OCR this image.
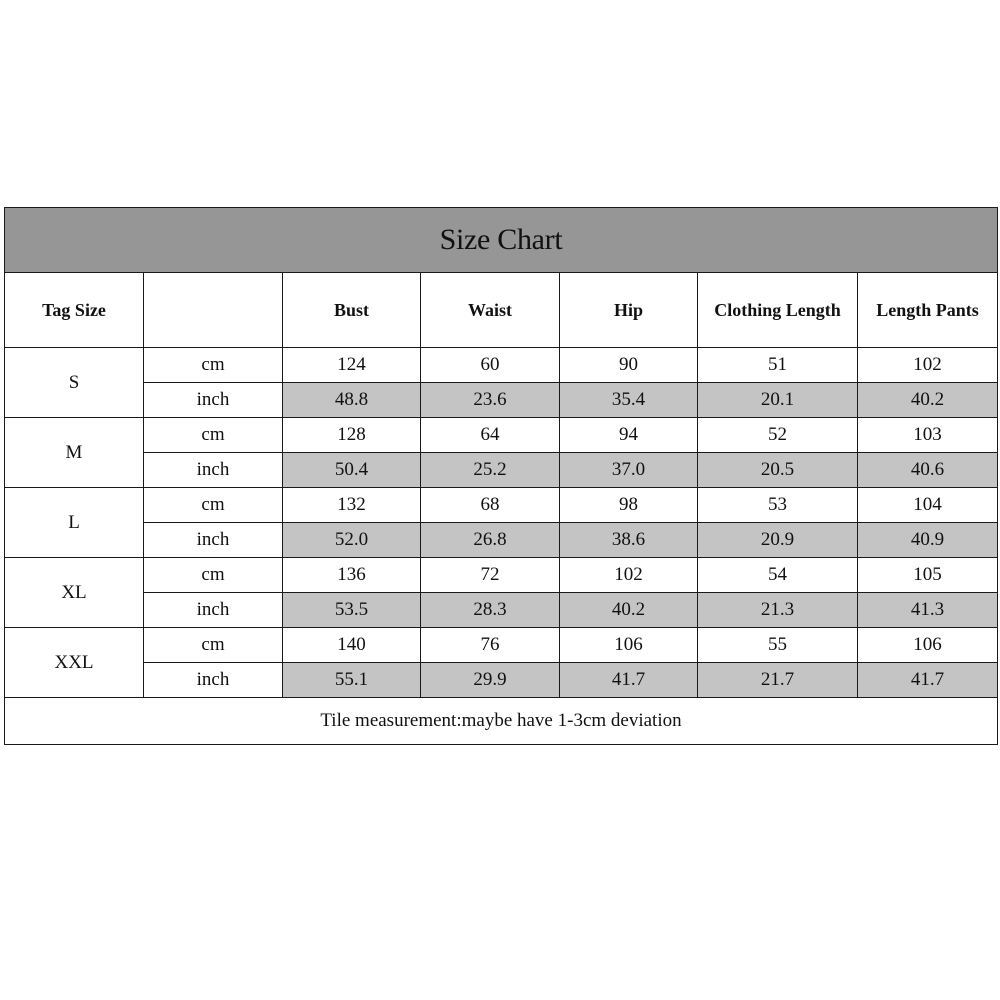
Size Chart						
Tag Size		Bust	Waist	Hip	Clothing Length	Length Pants
S	cm	124	60	90	51	102
	inch	48.8	23.6	35.4	20.1	40.2
M	cm	128	64	94	52	103
	inch	50.4	25.2	37.0	20.5	40.6
L	cm	132	68	98	53	104
	inch	52.0	26.8	38.6	20.9	40.9
XL	cm	136	72	102	54	105
	inch	53.5	28.3	40.2	21.3	41.3
XXL	cm	140	76	106	55	106
	inch	55.1	29.9	41.7	21.7	41.7
Tile measurement:maybe have 1-3cm deviation						
